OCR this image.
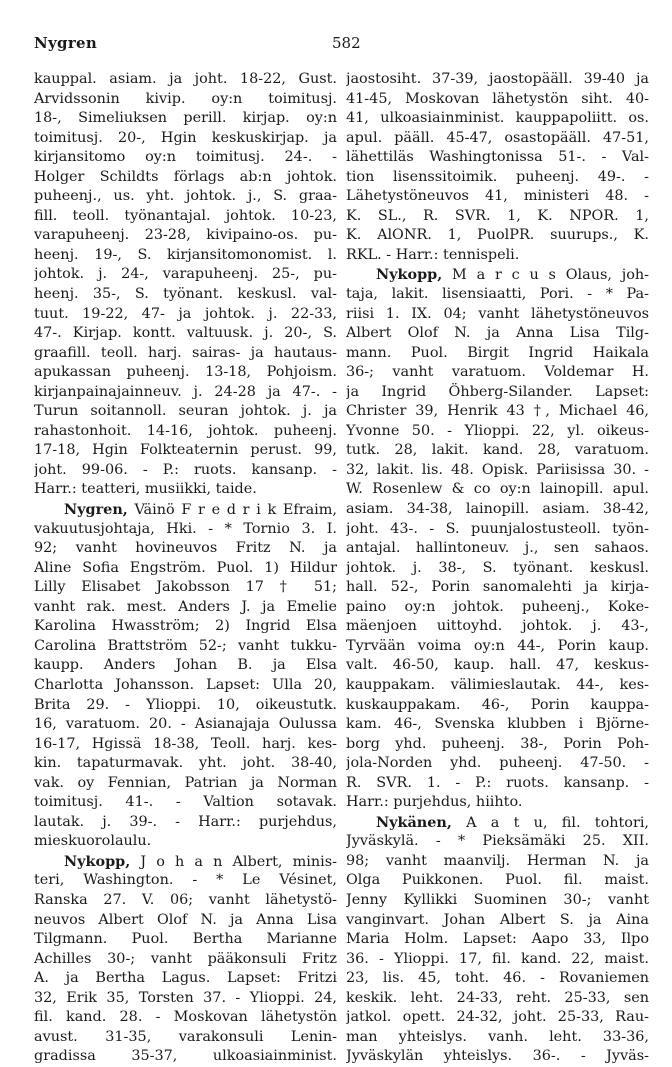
Nygren	582
kauppal. asiam. ja joht. 18-22, Gust.
Arvidssonin kivip. oy:n toimitusj.
18-, Simeliuksen perill. kirjap. oy:n
toimitusj. 20-, Hgin keskuskirjap. ja
kirjansitomo oy:n toimitusj. 24-. -
Holger Schildts förlags ab:n johtok.
puheenj., us. yht. johtok. j., S. graa-
fill. teoll. työnantajal. johtok. 10-23,
varapuheenj. 23-28, kivipaino-os. pu-
heenj. 19-, S. kirjansitomonomist. l.
johtok. j. 24-, varapuheenj. 25-, pu-
heenj. 35-, S. työnant. keskusl. val-
tuut. 19-22, 47- ja johtok. j. 22-33,
47-. Kirjap. kontt. valtuusk. j. 20-, S.
graafill. teoll. harj. sairas- ja hautaus-
apukassan puheenj. 13-18, Pohjoism.
kirjanpainajainneuv. j. 24-28 ja 47-. -
Turun soitannoll. seuran johtok. j. ja
rahastonhoit. 14-16, johtok. puheenj.
17-18, Hgin Folkteaternin perust. 99,
joht. 99-06. - P.: ruots. kansanp. -
Harr.: teatteri, musiikki, taide.
Nygren, Väinö F r e d r i k Efraim,
vakuutusjohtaja, Hki. - * Tornio 3. I.
92; vanht hovineuvos Fritz N. ja
Aline Sofia Engström. Puol. 1) Hildur
Lilly Elisabet Jakobsson 17 † 51;
vanht rak. mest. Anders J. ja Emelie
Karolina Hwasström; 2) Ingrid Elsa
Carolina Brattström 52-; vanht tukku-
kaupp. Anders Johan B. ja Elsa
Charlotta Johansson. Lapset: Ulla 20,
Brita 29. - Ylioppi. 10, oikeustutk.
16, varatuom. 20. - Asianajaja Oulussa
16-17, Hgissä 18-38, Teoll. harj. kes-
kin. tapaturmavak. yht. joht. 38-40,
vak. oy Fennian, Patrian ja Norman
toimitusj. 41-. - Valtion sotavak.
lautak. j. 39-. - Harr.: purjehdus,
mieskuorolaulu.
Nykopp, J o h a n Albert, minis-
teri, Washington. - * Le Vésinet,
Ranska 27. V. 06; vanht lähetystö-
neuvos Albert Olof N. ja Anna Lisa
Tilgmann. Puol. Bertha Marianne
Achilles 30-; vanht pääkonsuli Fritz
A. ja Bertha Lagus. Lapset: Fritzi
32, Erik 35, Torsten 37. - Ylioppi. 24,
fil. kand. 28. - Moskovan lähetystön
avust. 31-35, varakonsuli Lenin-
gradissa 35-37, ulkoasiainminist.
jaostosiht. 37-39, jaostopääll. 39-40 ja
41-45, Moskovan lähetystön siht. 40-
41, ulkoasiainminist. kauppapoliitt. os.
apul. pääll. 45-47, osastopääll. 47-51,
lähettiläs Washingtonissa 51-. - Val-
tion lisenssitoimik. puheenj. 49-. -
Lähetystöneuvos 41, ministeri 48. -
K. SL., R. SVR. 1, K. NPOR. 1,
K. AlONR. 1, PuolPR. suurups., K.
RKL. - Harr.: tennispeli.
Nykopp, M a r c u s Olaus, joh-
taja, lakit. lisensiaatti, Pori. - * Pa-
riisi 1. IX. 04; vanht lähetystöneuvos
Albert Olof N. ja Anna Lisa Tilg-
mann. Puol. Birgit Ingrid Haikala
36-; vanht varatuom. Voldemar H.
ja Ingrid Öhberg-Silander. Lapset:
Christer 39, Henrik 43 †, Michael 46,
Yvonne 50. - Ylioppi. 22, yl. oikeus-
tutk. 28, lakit. kand. 28, varatuom.
32, lakit. lis. 48. Opisk. Pariisissa 30. -
W. Rosenlew & co oy:n lainopill. apul.
asiam. 34-38, lainopill. asiam. 38-42,
joht. 43-. - S. puunjalostusteoll. työn-
antajal. hallintoneuv. j., sen sahaos.
johtok. j. 38-, S. työnant. keskusl.
hall. 52-, Porin sanomalehti ja kirja-
paino oy:n johtok. puheenj., Koke-
mäenjoen uittoyhd. johtok. j. 43-,
Tyrvään voima oy:n 44-, Porin kaup.
valt. 46-50, kaup. hall. 47, keskus-
kauppakam. välimieslautak. 44-, kes-
kuskauppakam. 46-, Porin kauppa-
kam. 46-, Svenska klubben i Björne-
borg yhd. puheenj. 38-, Porin Poh-
jola-Norden yhd. puheenj. 47-50. -
R. SVR. 1. - P.: ruots. kansanp. -
Harr.: purjehdus, hiihto.
Nykänen, A a t u, fil. tohtori,
Jyväskylä. - * Pieksämäki 25. XII.
98; vanht maanvilj. Herman N. ja
Olga Puikkonen. Puol. fil. maist.
Jenny Kyllikki Suominen 30-; vanht
vanginvart. Johan Albert S. ja Aina
Maria Holm. Lapset: Aapo 33, Ilpo
36. - Ylioppi. 17, fil. kand. 22, maist.
23, lis. 45, toht. 46. - Rovaniemen
keskik. leht. 24-33, reht. 25-33, sen
jatkol. opett. 24-32, joht. 25-33, Rau-
man yhteislys. vanh. leht. 33-36,
Jyväskylän yhteislys. 36-. - Jyväs-
